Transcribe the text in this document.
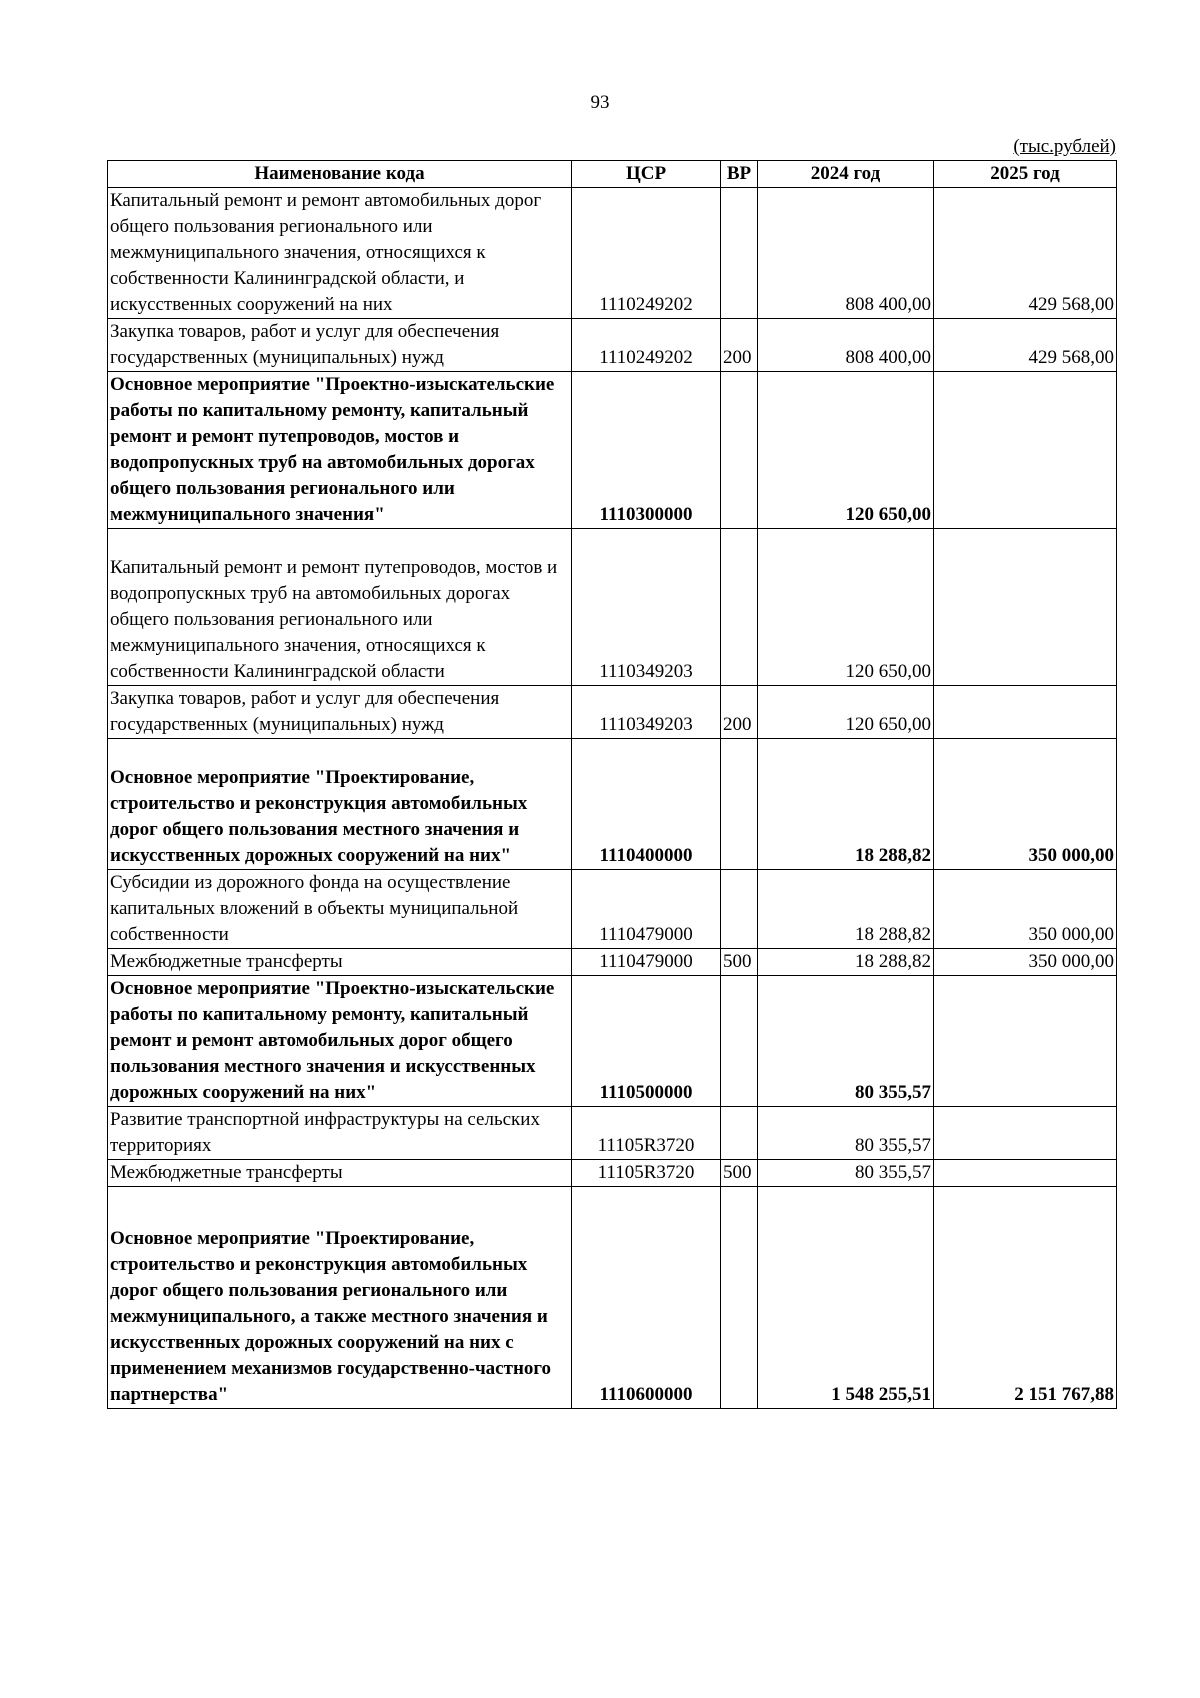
93
(тыс.рублей)
Наименование кода	ЦСР	ВР	2024 год	2025 год
Капитальный ремонт и ремонт автомобильных дорог общего пользования регионального или межмуниципального значения, относящихся к собственности Калининградской области, и искусственных сооружений на них	1110249202		808 400,00	429 568,00
Закупка товаров, работ и услуг для обеспечения государственных (муниципальных) нужд	1110249202	200	808 400,00	429 568,00
Основное мероприятие "Проектно-изыскательские работы по капитальному ремонту, капитальный ремонт и ремонт путепроводов, мостов и водопропускных труб на автомобильных дорогах общего пользования регионального или межмуниципального значения"	1110300000		120 650,00	
Капитальный ремонт и ремонт путепроводов, мостов и водопропускных труб на автомобильных дорогах общего пользования регионального или межмуниципального значения, относящихся к собственности Калининградской области	1110349203		120 650,00	
Закупка товаров, работ и услуг для обеспечения государственных (муниципальных) нужд	1110349203	200	120 650,00	
Основное мероприятие "Проектирование, строительство и реконструкция автомобильных дорог общего пользования местного значения и искусственных дорожных сооружений на них"	1110400000		18 288,82	350 000,00
Субсидии из дорожного фонда на осуществление капитальных вложений в объекты муниципальной собственности	1110479000		18 288,82	350 000,00
Межбюджетные трансферты	1110479000	500	18 288,82	350 000,00
Основное мероприятие "Проектно-изыскательские работы по капитальному ремонту, капитальный ремонт и ремонт автомобильных дорог общего пользования местного значения и искусственных дорожных сооружений на них"	1110500000		80 355,57	
Развитие транспортной инфраструктуры на сельских территориях	11105R3720		80 355,57	
Межбюджетные трансферты	11105R3720	500	80 355,57	
Основное мероприятие "Проектирование, строительство и реконструкция автомобильных дорог общего пользования регионального или межмуниципального, а также местного значения и искусственных дорожных сооружений на них с применением механизмов государственно-частного партнерства"	1110600000		1 548 255,51	2 151 767,88
